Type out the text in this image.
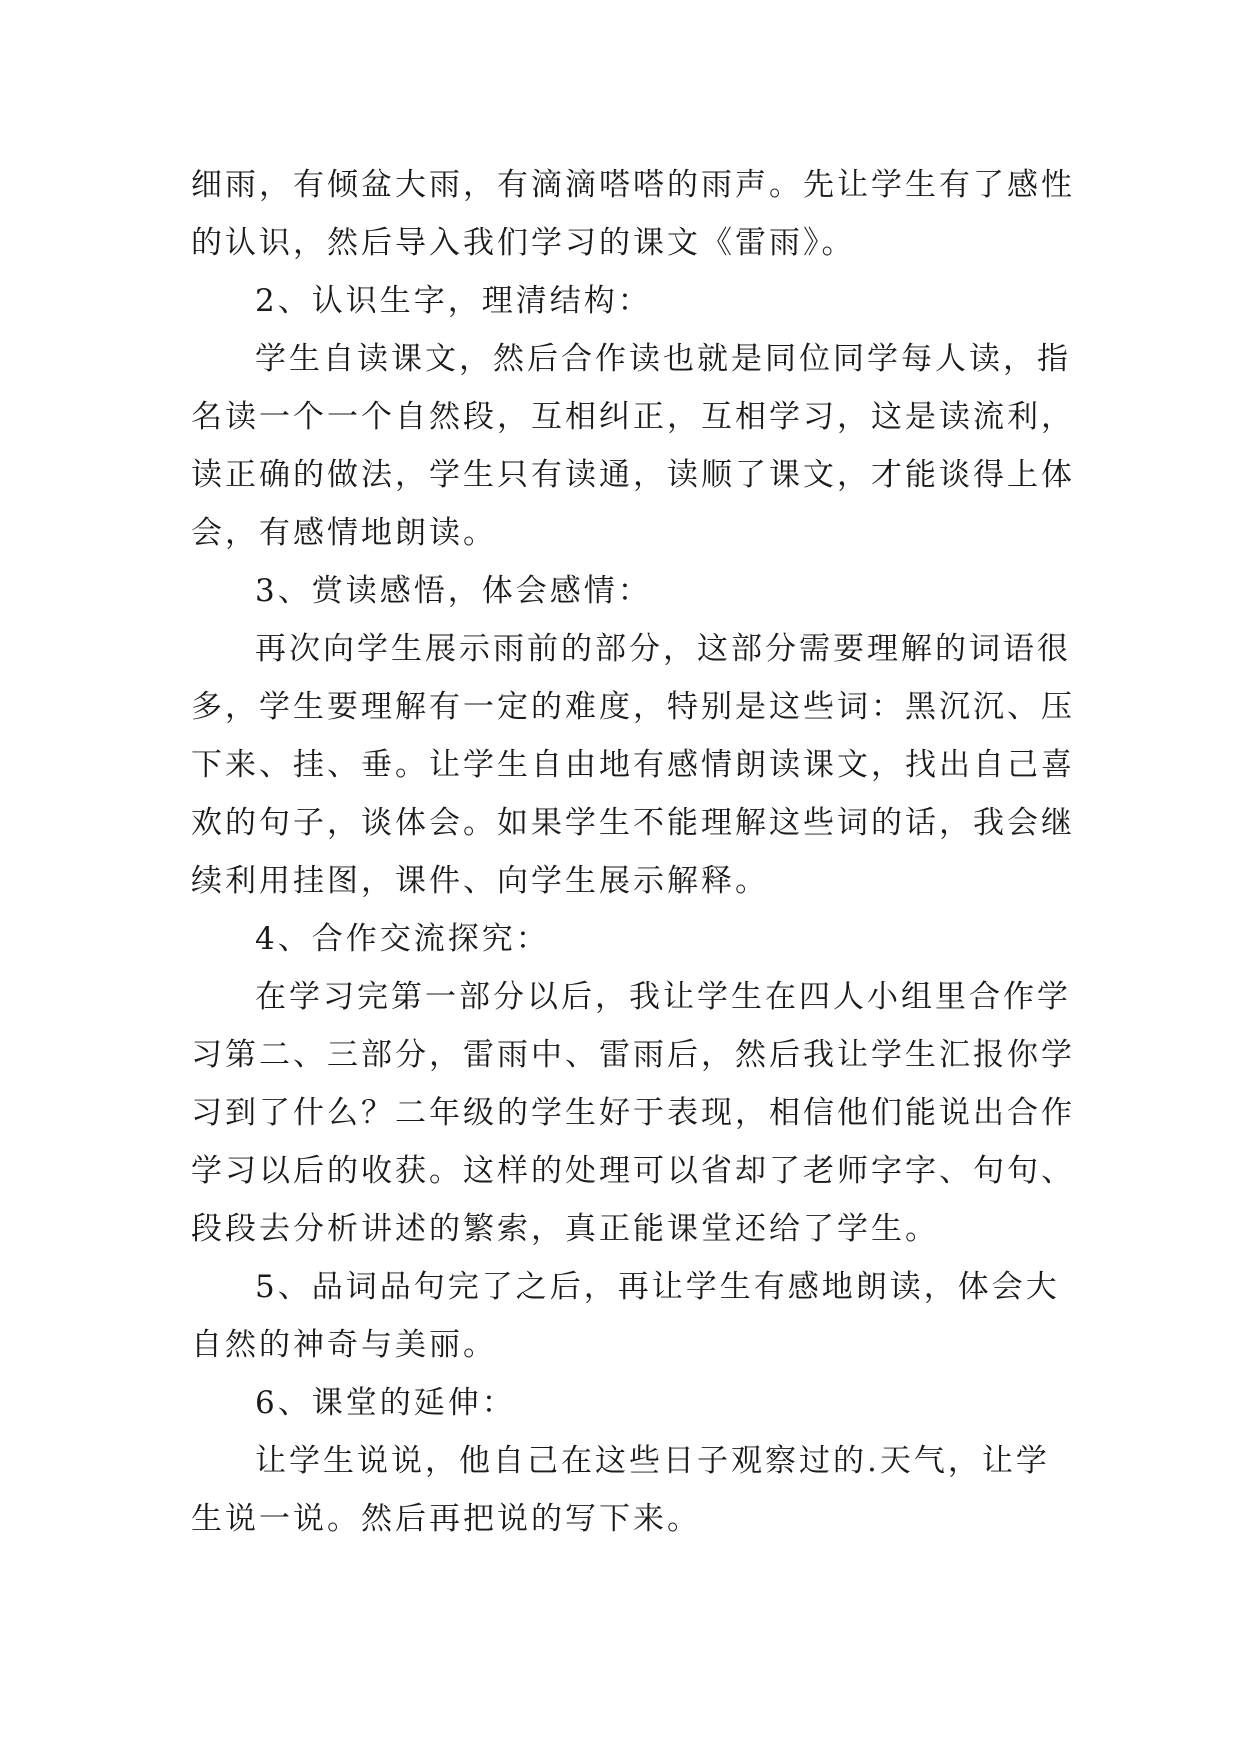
细雨，有倾盆大雨，有滴滴嗒嗒的雨声。先让学生有了感性

的认识，然后导入我们学习的课文《雷雨》。

2、认识生字，理清结构：

学生自读课文，然后合作读也就是同位同学每人读，指

名读一个一个自然段，互相纠正，互相学习，这是读流利，

读正确的做法，学生只有读通，读顺了课文，才能谈得上体

会，有感情地朗读。

3、赏读感悟，体会感情：

再次向学生展示雨前的部分，这部分需要理解的词语很

多，学生要理解有一定的难度，特别是这些词：黑沉沉、压

下来、挂、垂。让学生自由地有感情朗读课文，找出自己喜

欢的句子，谈体会。如果学生不能理解这些词的话，我会继

续利用挂图，课件、向学生展示解释。

4、合作交流探究：

在学习完第一部分以后，我让学生在四人小组里合作学

习第二、三部分，雷雨中、雷雨后，然后我让学生汇报你学

习到了什么？二年级的学生好于表现，相信他们能说出合作

学习以后的收获。这样的处理可以省却了老师字字、句句、

段段去分析讲述的繁索，真正能课堂还给了学生。

5、品词品句完了之后，再让学生有感地朗读，体会大

自然的神奇与美丽。

6、课堂的延伸：

让学生说说，他自己在这些日子观察过的.天气，让学

生说一说。然后再把说的写下来。
